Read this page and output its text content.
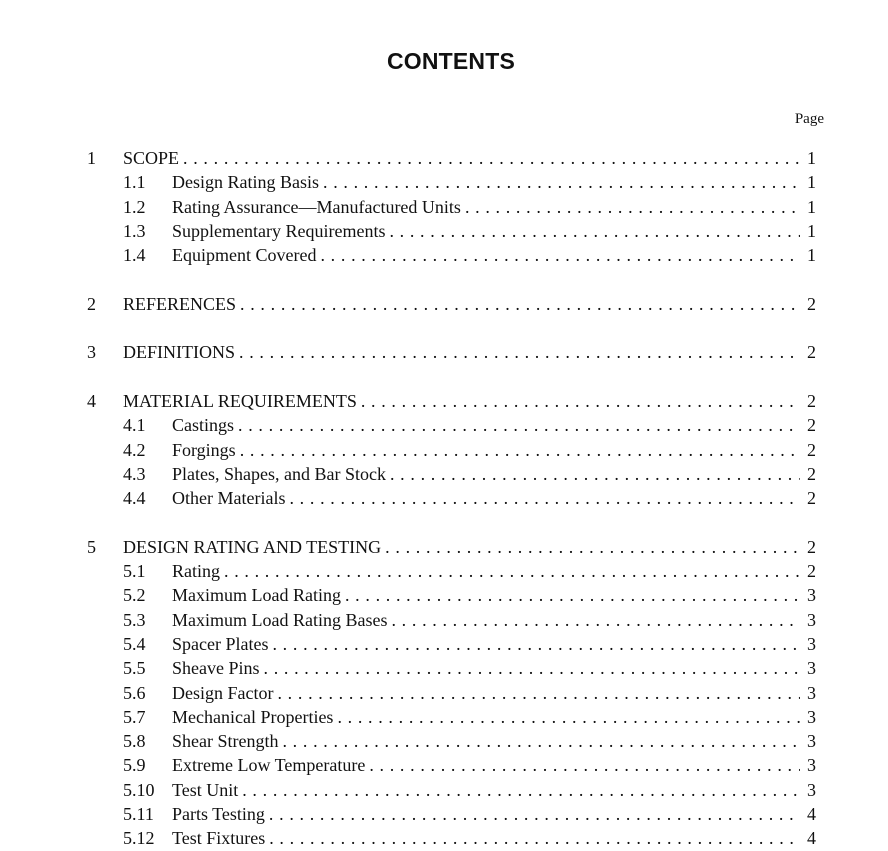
CONTENTS
Page
1 SCOPE . . .	1
1.1 Design Rating Basis . . .	1
1.2 Rating Assurance—Manufactured Units . . .	1
1.3 Supplementary Requirements . . .	1
1.4 Equipment Covered . . .	1
2 REFERENCES . . .	2
3 DEFINITIONS . . .	2
4 MATERIAL REQUIREMENTS . . .	2
4.1 Castings . . .	2
4.2 Forgings . . .	2
4.3 Plates, Shapes, and Bar Stock . . .	2
4.4 Other Materials . . .	2
5 DESIGN RATING AND TESTING . . .	2
5.1 Rating . . .	2
5.2 Maximum Load Rating . . .	3
5.3 Maximum Load Rating Bases . . .	3
5.4 Spacer Plates . . .	3
5.5 Sheave Pins . . .	3
5.6 Design Factor . . .	3
5.7 Mechanical Properties . . .	3
5.8 Shear Strength . . .	3
5.9 Extreme Low Temperature . . .	3
5.10 Test Unit . . .	3
5.11 Parts Testing . . .	4
5.12 Test Fixtures . . .	4
